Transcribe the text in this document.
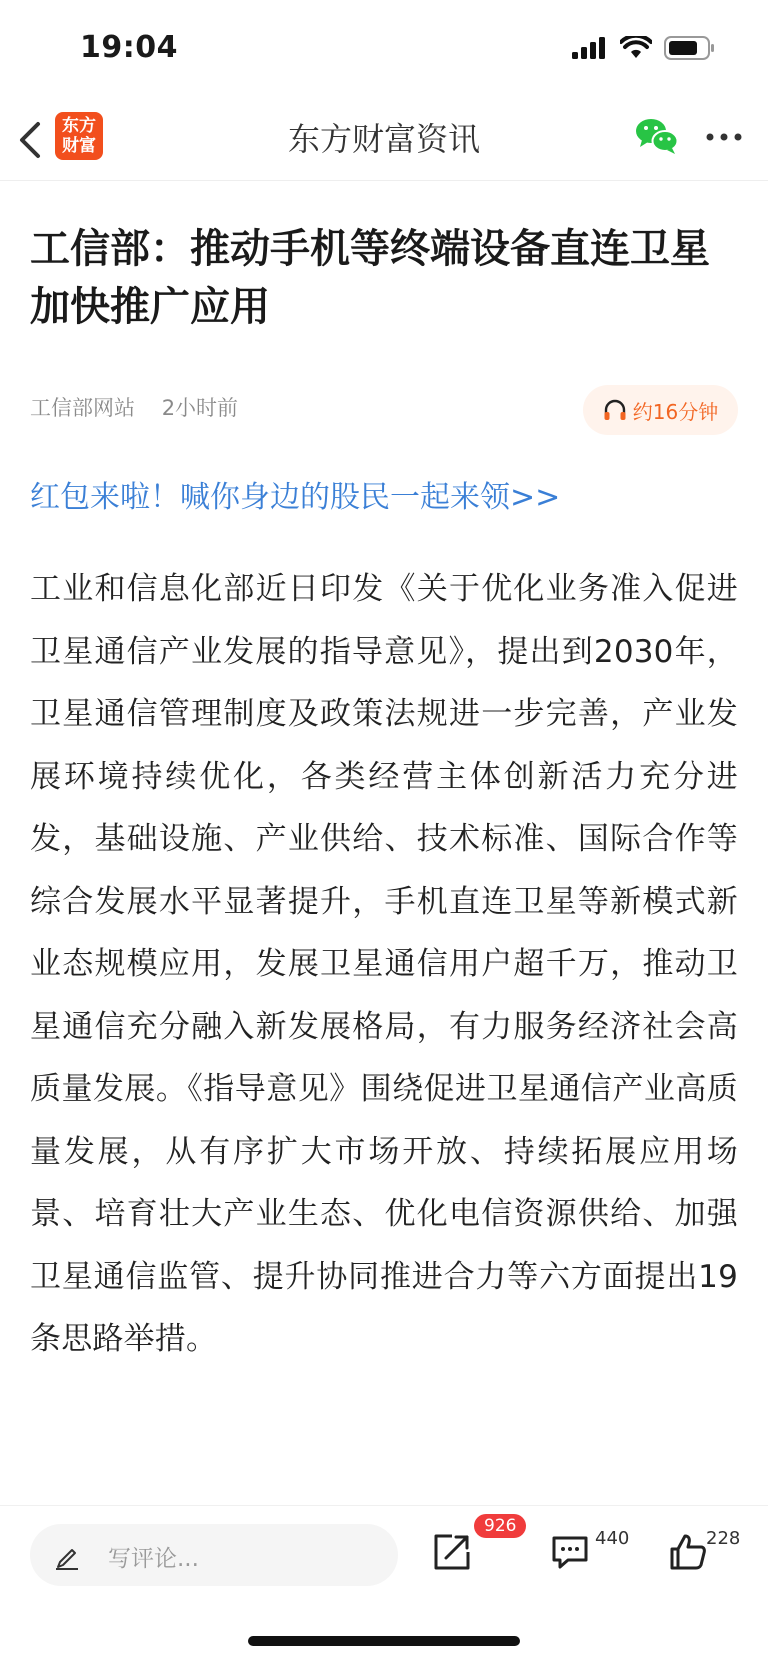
19:04
东方财富资讯
东方
财富
工信部：推动手机等终端设备直连卫星加快推广应用
工信部网站 2小时前	约16分钟
红包来啦！喊你身边的股民一起来领>>

工业和信息化部近日印发《关于优化业务准入促进卫星通信产业发展的指导意见》，提出到2030年，卫星通信管理制度及政策法规进一步完善，产业发展环境持续优化，各类经营主体创新活力充分进发，基础设施、产业供给、技术标准、国际合作等综合发展水平显著提升，手机直连卫星等新模式新业态规模应用，发展卫星通信用户超千万，推动卫星通信充分融入新发展格局，有力服务经济社会高质量发展。《指导意见》围绕促进卫星通信产业高质量发展，从有序扩大市场开放、持续拓展应用场景、培育壮大产业生态、优化电信资源供给、加强卫星通信监管、提升协同推进合力等六方面提出19条思路举措。

写评论...
926
440	228
